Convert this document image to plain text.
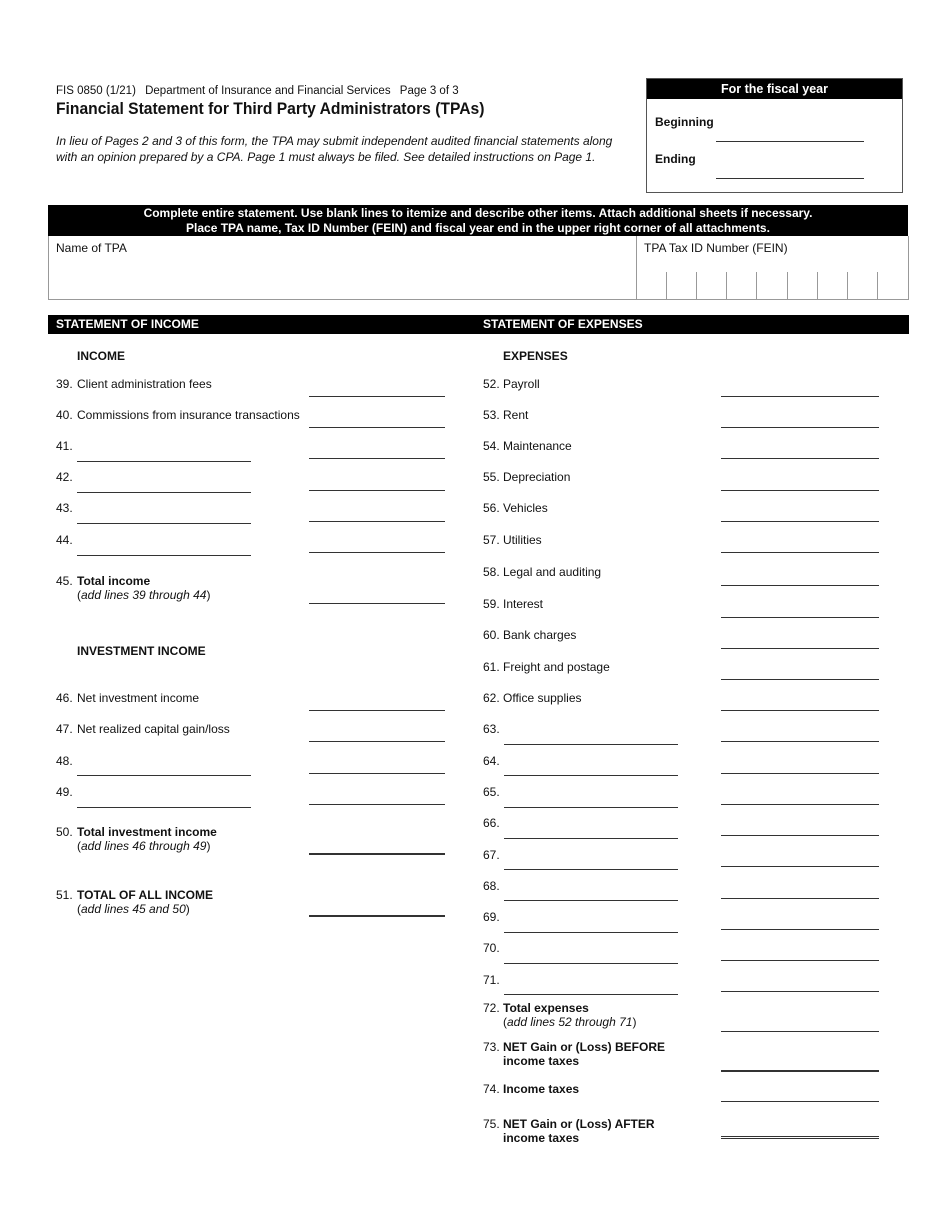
FIS 0850 (1/21) Department of Insurance and Financial Services Page 3 of 3
Financial Statement for Third Party Administrators (TPAs)
In lieu of Pages 2 and 3 of this form, the TPA may submit independent audited financial statements along with an opinion prepared by a CPA. Page 1 must always be filed. See detailed instructions on Page 1.
For the fiscal year
Beginning
Ending
Complete entire statement. Use blank lines to itemize and describe other items. Attach additional sheets if necessary.
Place TPA name, Tax ID Number (FEIN) and fiscal year end in the upper right corner of all attachments.
Name of TPA	TPA Tax ID Number (FEIN)
STATEMENT OF INCOME	STATEMENT OF EXPENSES
INCOME
39. Client administration fees
40. Commissions from insurance transactions
41.
42.
43.
44.
45. Total income
(add lines 39 through 44)
INVESTMENT INCOME
46. Net investment income
47. Net realized capital gain/loss
48.
49.
50. Total investment income
(add lines 46 through 49)
51. TOTAL OF ALL INCOME
(add lines 45 and 50)
EXPENSES
52. Payroll
53. Rent
54. Maintenance
55. Depreciation
56. Vehicles
57. Utilities
58. Legal and auditing
59. Interest
60. Bank charges
61. Freight and postage
62. Office supplies
63.
64.
65.
66.
67.
68.
69.
70.
71.
72. Total expenses
(add lines 52 through 71)
73. NET Gain or (Loss) BEFORE
income taxes
74. Income taxes
75. NET Gain or (Loss) AFTER
income taxes
